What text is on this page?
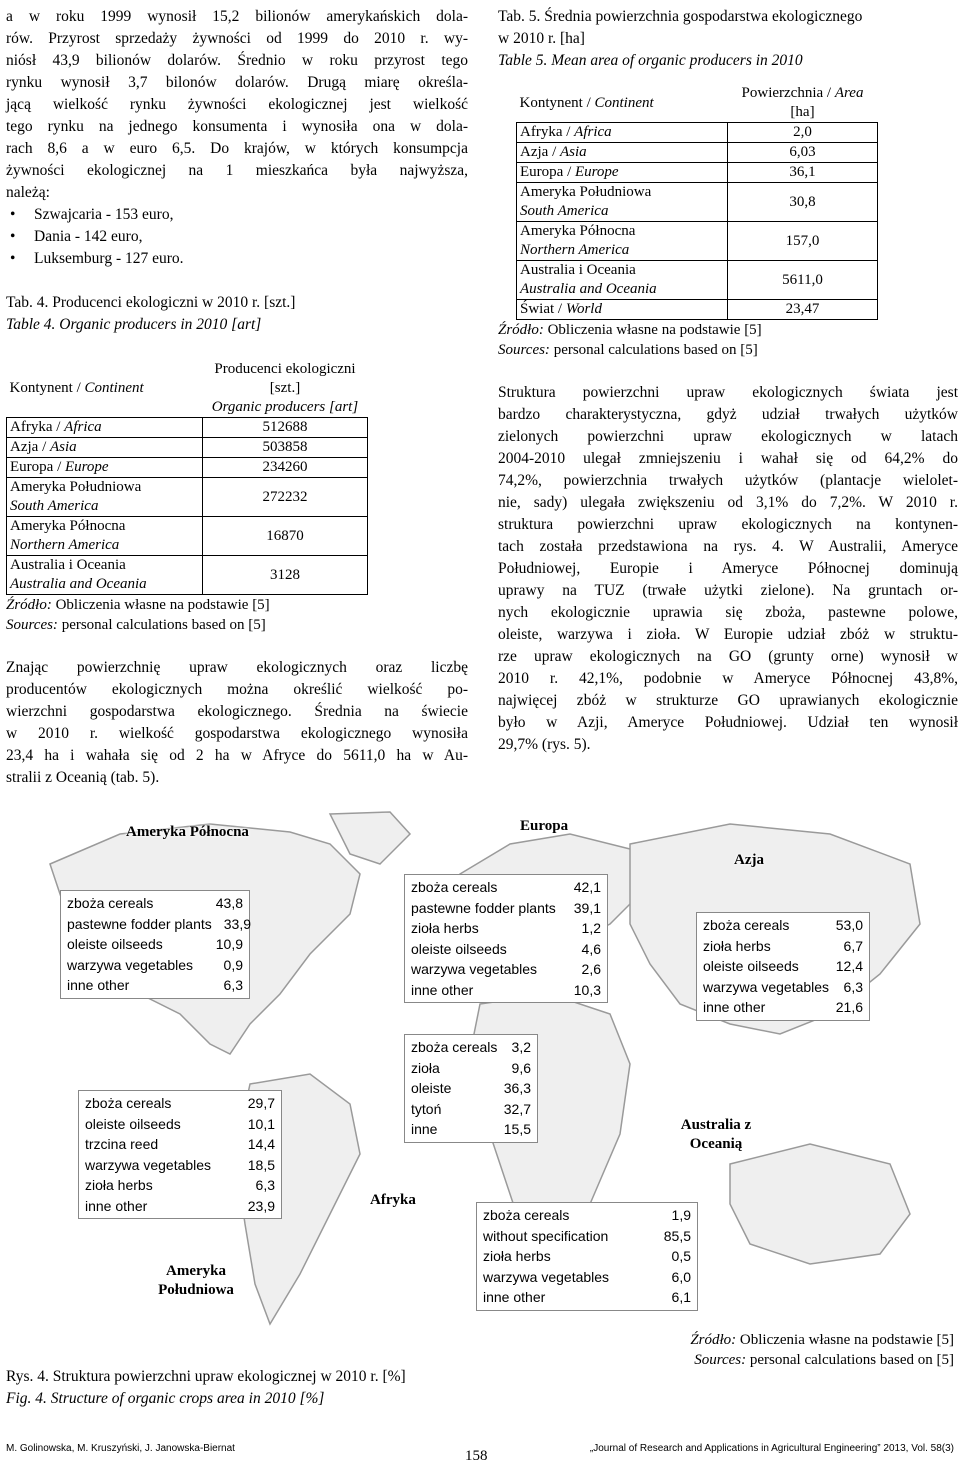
a w roku 1999 wynosił 15,2 bilionów amerykańskich dola-
rów. Przyrost sprzedaży żywności od 1999 do 2010 r. wy-
niósł 43,9 bilionów dolarów. Średnio w roku przyrost tego
rynku wynosił 3,7 bilonów dolarów. Drugą miarę określa-
jącą wielkość rynku żywności ekologicznej jest wielkość
tego rynku na jednego konsumenta i wynosiła ona w dola-
rach 8,6 a w euro 6,5. Do krajów, w których konsumpcja
żywności ekologicznej na 1 mieszkańca była najwyższa,
należą:
• Szwajcaria - 153 euro,
• Dania - 142 euro,
• Luksemburg - 127 euro.

Tab. 4. Producenci ekologiczni w 2010 r. [szt.]

Table 4. Organic producers in 2010 [art]

Kontynent / Continent	Producenci ekologiczni [szt.]
Organic producers [art]

Afryka / Africa	512688
Azja / Asia	503858
Europa / Europe	234260
Ameryka Południowa
South America	272232
Ameryka Północna
Northern America	16870
Australia i Oceania
Australia and Oceania	3128
Źródło: Obliczenia własne na podstawie [5]
Sources: personal calculations based on [5]
Znając powierzchnię upraw ekologicznych oraz liczbę
producentów ekologicznych można określić wielkość po-
wierzchni gospodarstwa ekologicznego. Średnia na świecie
w 2010 r. wielkość gospodarstwa ekologicznego wynosiła
23,4 ha i wahała się od 2 ha w Afryce do 5611,0 ha w Au-
stralii z Oceanią (tab. 5).

Tab. 5. Średnia powierzchnia gospodarstwa ekologicznego
w 2010 r. [ha]

Table 5. Mean area of organic producers in 2010

Kontynent / Continent	Powierzchnia / Area
[ha]

Afryka / Africa	2,0
Azja / Asia	6,03
Europa / Europe	36,1
Ameryka Południowa
South America	30,8
Ameryka Północna
Northern America	157,0
Australia i Oceania
Australia and Oceania	5611,0
Świat / World	23,47
Źródło: Obliczenia własne na podstawie [5]
Sources: personal calculations based on [5]
Struktura powierzchni upraw ekologicznych świata jest
bardzo charakterystyczna, gdyż udział trwałych użytków
zielonych powierzchni upraw ekologicznych w latach
2004-2010 ulegał zmniejszeniu i wahał się od 64,2% do
74,2%, powierzchnia trwałych użytków (plantacje wielolet-
nie, sady) ulegała zwiększeniu od 3,1% do 7,2%. W 2010 r.
struktura powierzchni upraw ekologicznych na kontynen-
tach została przedstawiona na rys. 4. W Australii, Ameryce
Południowej, Europie i Ameryce Północnej dominują
uprawy na TUZ (trwałe użytki zielone). Na gruntach or-
nych ekologicznie uprawia się zboża, pastewne polowe,
oleiste, warzywa i zioła. W Europie udział zbóż w struktu-
rze upraw ekologicznych na GO (grunty orne) wynosił w
2010 r. 42,1%, podobnie w Ameryce Północnej 43,8%,
najwięcej zbóż w strukturze GO uprawianych ekologicznie
było w Azji, Ameryce Południowej. Udział ten wynosił
29,7% (rys. 5).
Ameryka Północna	Europa
Azja
Afryka
Ameryka Południowa
Australia z Oceanią
zboża cereals	43,8
pastewne fodder plants 33,9
oleiste oilseeds	10,9
warzywa vegetables	0,9
inne other	6,3
zboża cereals	42,1
pastewne fodder plants	39,1
zioła herbs	1,2
oleiste oilseeds	4,6
warzywa vegetables	2,6
inne other	10,3
zboża cereals	53,0
zioła herbs	6,7
oleiste oilseeds	12,4
warzywa vegetables	6,3
inne other	21,6
zboża cereals	3,2
zioła	9,6
oleiste	36,3
tytoń	32,7
inne	15,5
zboża cereals	29,7
oleiste oilseeds	10,1
trzcina reed	14,4
warzywa vegetables	18,5
zioła herbs	6,3
inne other	23,9
zboża cereals	1,9
without specification	85,5
zioła herbs	0,5
warzywa vegetables	6,0
inne other	6,1
Źródło: Obliczenia własne na podstawie [5]
Sources: personal calculations based on [5]
Rys. 4. Struktura powierzchni upraw ekologicznej w 2010 r. [%]
Fig. 4. Structure of organic crops area in 2010 [%]
M. Golinowska, M. Kruszyński, J. Janowska-Biernat	158	„Journal of Research and Applications in Agricultural Engineering” 2013, Vol. 58(3)
